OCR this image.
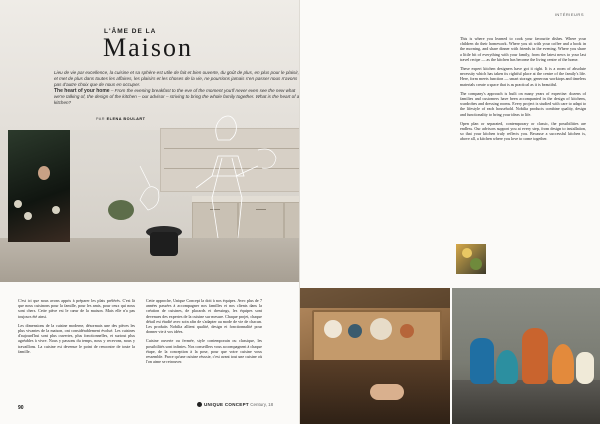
L'ÂME DE LA
Maison
Lieu de vie par excellence, la cuisine et sa sphère est utile de fait et bien ouverte, du goût de plus, en plus pour le plaisir, et met de plus dans toutes les affaires, les plaisirs et les choses de la vie, ne pourrions jamais s'en passer nous n'avons pas d'autre choix que de nous en occuper.
The heart of your home – From the evening breakfast to the eve of the moment you'll never even see the new what we're talking of, the design of the kitchen – our advisor – striving to bring the whole family together. What is the heart of a kitchen?
PAR ELENA BOULART

C'est ici que nous avons appris à préparer les plats préférés. C'est là que nous cuisinons pour la famille, pour les amis, pour ceux qui nous sont chers. Cette pièce est le cœur de la maison. Mais elle n'a pas toujours été ainsi.

Les dimensions de la cuisine moderne, désormais une des pièces les plus vivantes de la maison, ont considérablement évolué. Les cuisines d'aujourd'hui sont plus ouvertes, plus fonctionnelles, et surtout plus agréables à vivre. Nous y passons du temps, nous y recevons, nous y travaillons. La cuisine est devenue le point de rencontre de toute la famille.

Cette approche, Unique Concept la doit à nos équipes. Avec plus de 7 années passées à accompagner nos familles et nos clients dans la création de cuisines, de placards et dressings, les équipes sont devenues des expertes de la cuisine sur mesure. Chaque projet, chaque détail est étudié avec soin afin de s'adapter au mode de vie de chacun. Les produits Nobilia allient qualité, design et fonctionnalité pour donner vie à vos idées.

Cuisine ouverte ou fermée, style contemporain ou classique, les possibilités sont infinies. Nos conseillers vous accompagnent à chaque étape, de la conception à la pose, pour que votre cuisine vous ressemble. Parce qu'une cuisine réussie, c'est avant tout une cuisine où l'on aime se retrouver.

90
INTÉRIEURS

This is where you learned to cook your favourite dishes. Where your children do their homework. Where you sit with your coffee and a book in the morning, and share dinner with friends in the evening. Where you share a little bit of everything with your family, from the latest news to your last travel recipe — as the kitchen has become the living centre of the home.

These expert kitchen designers have got it right. It is a room of absolute necessity which has taken its rightful place at the centre of the family's life. Here, form meets function — smart storage, generous worktops and timeless materials create a space that is as practical as it is beautiful.

The company's approach is built on many years of expertise: dozens of families and customers have been accompanied in the design of kitchens, wardrobes and dressing rooms. Every project is studied with care to adapt to the lifestyle of each household. Nobilia products combine quality, design and functionality to bring your ideas to life.

Open plan or separated, contemporary or classic, the possibilities are endless. Our advisors support you at every step, from design to installation, so that your kitchen truly reflects you. Because a successful kitchen is, above all, a kitchen where you love to come together.

UNIQUE CONCEPT Century, 18
